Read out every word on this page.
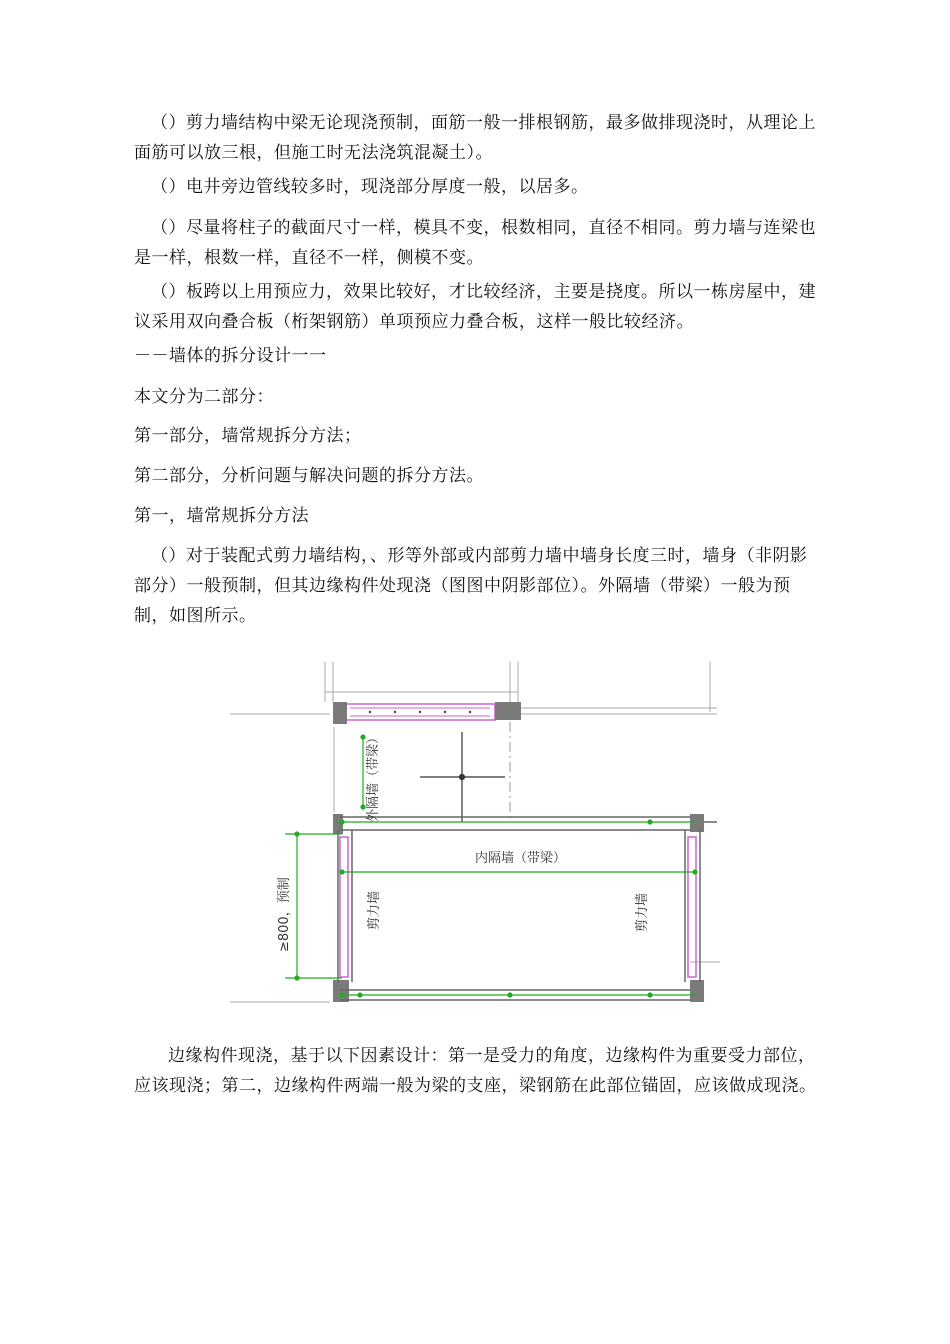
（）剪力墙结构中梁无论现浇预制，面筋一般一排根钢筋，最多做排现浇时，从理论上面筋可以放三根，但施工时无法浇筑混凝土）。

（）电井旁边管线较多时，现浇部分厚度一般，以居多。

（）尽量将柱子的截面尺寸一样，模具不变，根数相同，直径不相同。剪力墙与连梁也是一样，根数一样，直径不一样，侧模不变。

（）板跨以上用预应力，效果比较好，才比较经济，主要是挠度。所以一栋房屋中，建议采用双向叠合板（桁架钢筋）单项预应力叠合板，这样一般比较经济。

－－墙体的拆分设计一一

本文分为二部分：

第一部分，墙常规拆分方法；

第二部分，分析问题与解决问题的拆分方法。

第一，墙常规拆分方法

（）对于装配式剪力墙结构，、形等外部或内部剪力墙中墙身长度三时，墙身（非阴影部分）一般预制，但其边缘构件处现浇（图图中阴影部位）。外隔墙（带梁）一般为预制，如图所示。

外隔墙（带梁）
内隔墙（带梁）
剪力墙	剪力墙
≥800，预制

边缘构件现浇，基于以下因素设计：第一是受力的角度，边缘构件为重要受力部位，应该现浇；第二，边缘构件两端一般为梁的支座，梁钢筋在此部位锚固，应该做成现浇。
